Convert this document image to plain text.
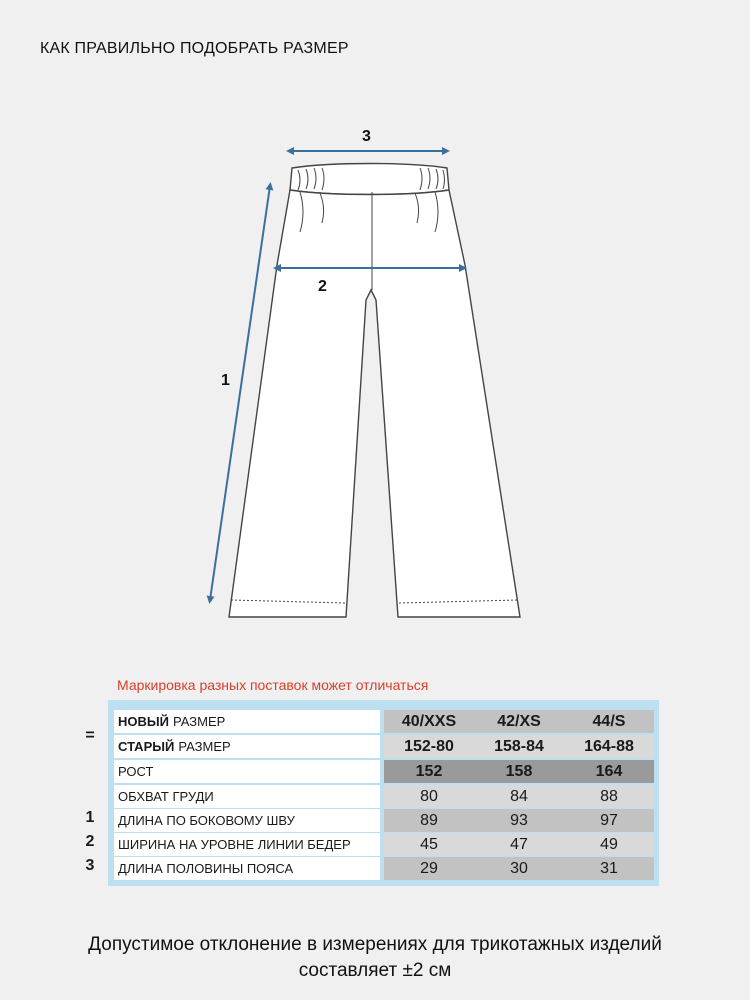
КАК ПРАВИЛЬНО ПОДОБРАТЬ РАЗМЕР
3
2
1
Маркировка разных поставок может отличаться
=
1
2
3
НОВЫЙ РАЗМЕР	40/XXS	42/XS	44/S
СТАРЫЙ РАЗМЕР	152-80	158-84	164-88
РОСТ	152	158	164
ОБХВАТ ГРУДИ	80	84	88
ДЛИНА ПО БОКОВОМУ ШВУ	89	93	97
ШИРИНА НА УРОВНЕ ЛИНИИ БЕДЕР	45	47	49
ДЛИНА ПОЛОВИНЫ ПОЯСА	29	30	31
Допустимое отклонение в измерениях для трикотажных изделий
составляет ±2 см
